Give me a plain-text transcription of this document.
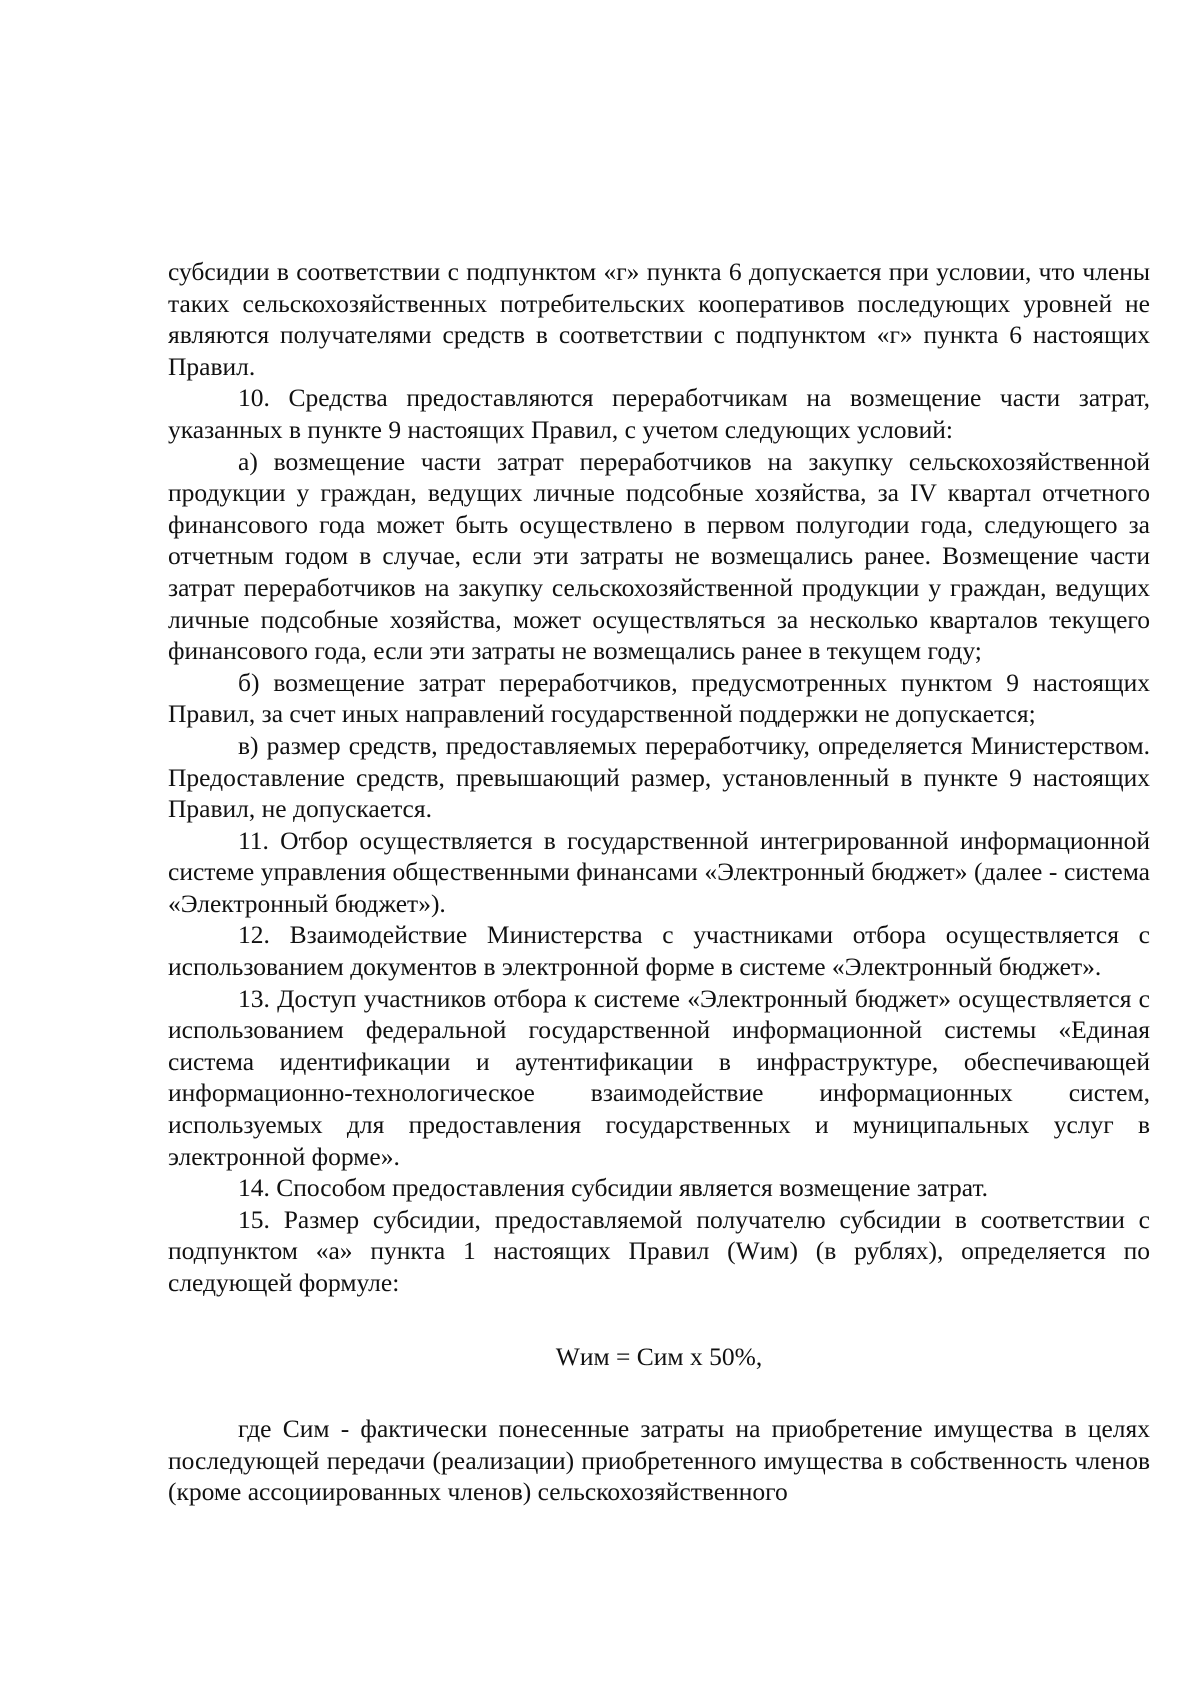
субсидии в соответствии с подпунктом «г» пункта 6 допускается при условии, что члены таких сельскохозяйственных потребительских кооперативов последующих уровней не являются получателями средств в соответствии с подпунктом «г» пункта 6 настоящих Правил.

10. Средства предоставляются переработчикам на возмещение части затрат, указанных в пункте 9 настоящих Правил, с учетом следующих условий:

а) возмещение части затрат переработчиков на закупку сельскохозяйственной продукции у граждан, ведущих личные подсобные хозяйства, за IV квартал отчетного финансового года может быть осуществлено в первом полугодии года, следующего за отчетным годом в случае, если эти затраты не возмещались ранее. Возмещение части затрат переработчиков на закупку сельскохозяйственной продукции у граждан, ведущих личные подсобные хозяйства, может осуществляться за несколько кварталов текущего финансового года, если эти затраты не возмещались ранее в текущем году;

б) возмещение затрат переработчиков, предусмотренных пунктом 9 настоящих Правил, за счет иных направлений государственной поддержки не допускается;

в) размер средств, предоставляемых переработчику, определяется Министерством. Предоставление средств, превышающий размер, установленный в пункте 9 настоящих Правил, не допускается.

11. Отбор осуществляется в государственной интегрированной информационной системе управления общественными финансами «Электронный бюджет» (далее - система «Электронный бюджет»).

12. Взаимодействие Министерства с участниками отбора осуществляется с использованием документов в электронной форме в системе «Электронный бюджет».

13. Доступ участников отбора к системе «Электронный бюджет» осуществляется с использованием федеральной государственной информационной системы «Единая система идентификации и аутентификации в инфраструктуре, обеспечивающей информационно-технологическое взаимодействие информационных систем, используемых для предоставления государственных и муниципальных услуг в электронной форме».

14. Способом предоставления субсидии является возмещение затрат.

15. Размер субсидии, предоставляемой получателю субсидии в соответствии с подпунктом «а» пункта 1 настоящих Правил (Wим) (в рублях), определяется по следующей формуле:

Wим = Сим х 50%,

где Сим - фактически понесенные затраты на приобретение имущества в целях последующей передачи (реализации) приобретенного имущества в собственность членов (кроме ассоциированных членов) сельскохозяйственного
